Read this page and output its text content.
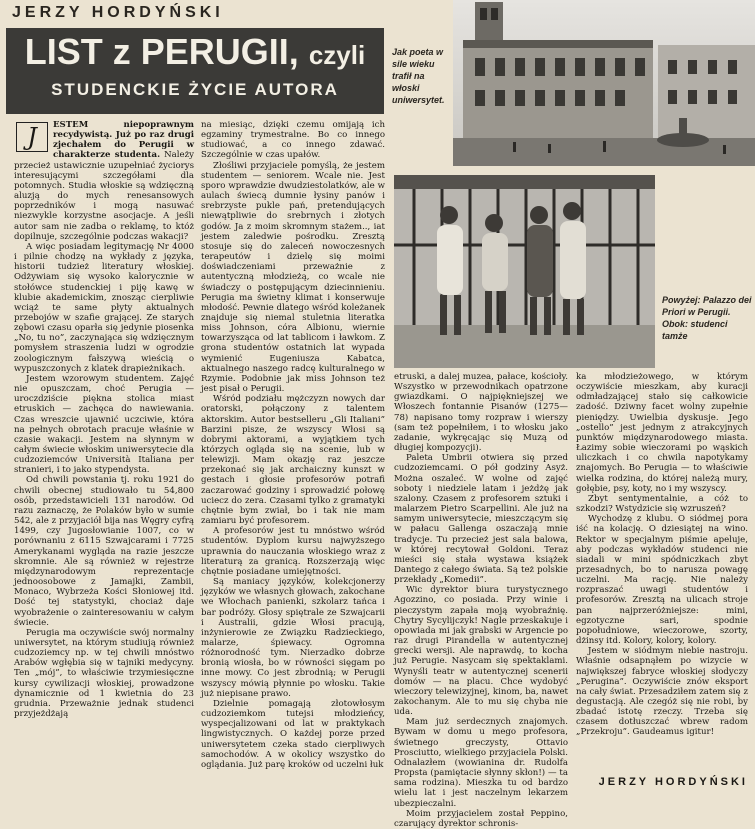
JERZY HORDYŃSKI
LIST z PERUGII, czyli
STUDENCKIE ŻYCIE AUTORA
Jak poeta w sile wieku trafił na włoski uniwersytet.
Powyżej: Palazzo dei Priori w Perugii. Obok: studenci tamże

J	ESTEM niepoprawnym recydywistą. Już po raz drugi zjechałem do Perugii w charakterze studenta. Należy przecież ustawicznie uzupełniać życiorys interesującymi szczegółami dla potomnych. Studia włoskie są wdzięczną aluzją do mych renesansowych poprzedników i mogą nasuwać niezwykle korzystne asocjacje. A jeśli autor sam nie zadba o reklamę, to któż dopilnuje, szczególnie podczas wakacji?

A więc posiadam legitymację Nr 4000 i pilnie chodzę na wykłady z języka, historii tudzież literatury włoskiej. Odżywiam się wysoko kalorycznie w stołówce studenckiej i piję kawę w klubie akademickim, znosząc cierpliwie wciąż te same płyty aktualnych przebojów w szafie grającej. Ze starych zębowi czasu oparła się jedynie piosenka „No, tu no”, zaczynająca się wdzięcznym pomysłem straszenia ludzi w ogrodzie zoologicznym fałszywą wieścią o wypuszczonych z klatek drapieżnikach.

Jestem wzorowym studentem. Zajęć nie opuszczam, choć Perugia — uroczdziście piękna stolica miast etruskich — zachęca do nawiewania. Czas wreszcie ujawnić uczciwie, która na pełnych obrotach pracuje właśnie w czasie wakacji. Jestem na słynnym w całym świecie włoskim uniwersytecie dla cudzoziemców Università Italiana per stranieri, i to jako stypendysta.

Od chwili powstania tj. roku 1921 do chwili obecnej studiowało tu 54,800 osób, przedstawicieli 131 narodów. Od razu zaznaczę, że Polaków było w sumie 542, ale z przyjaciół bija nas Węgry cyfrą 1499, czy Jugosłowianie 1007, co w porównaniu z 6115 Szwajcarami i 7725 Amerykanami wygląda na razie jeszcze skromnie. Ale są również w rejestrze międzynarodowym reprezentacje jednoosobowe z Jamajki, Zambii, Monaco, Wybrzeża Kości Słoniowej itd. Dość tej statystyki, chociaż daje wyobrażenie o zainteresowaniu w całym świecie.

Perugia ma oczywiście swój normalny uniwersytet, na którym studiują również cudzoziemcy np. w tej chwili mnóstwo Arabów wgłębia się w tajniki medycyny. Ten „mój”, to właściwie trzymiesięczne kursy cywilizacji włoskiej, prowadzone dynamicznie od 1 kwietnia do 23 grudnia. Przeważnie jednak studenci przyjeżdżają

na miesiąc, dzięki czemu omijają ich egzaminy trymestralne. Bo co innego studiować, a co innego zdawać. Szczególnie w czas upałów.

Złośliwi przyjaciele pomyślą, że jestem studentem — seniorem. Wcale nie. Jest sporo wprawdzie dwudziestolatków, ale w aulach świecą dumnie łysiny panów i srebrzyste pukle pań, pretendujących niewątpliwie do srebrnych i złotych godów. Ja z moim skromnym stażem.., iat jestem zaledwie pośrodku. Zresztą stosuje się do zaleceń nowoczesnych terapeutów i dzielę się moimi doświadczeniami przeważnie z autentyczną młodzieżą, co wcale nie świadczy o postępującym dziecinnieniu. Perugia ma świetny klimat i konserwuje młodość. Pewnie dlatego wśród koleżanek znajduje się niemal stuletnia literatka miss Johnson, córa Albionu, wiernie towarzysząca od lat tablicom i ławkom. Z grona studentów ostatnich lat wypada wymienić Eugeniusza Kabatca, aktualnego naszego radcę kulturalnego w Rzymie. Podobnie jak miss Johnson też jest pisał o Perugii.

Wśród podziału mężczyzn nowych dar oratorski, połączony z talentem aktorskim. Autor bestselleru „Gli Italiani” Barzini pisze, że wszyscy Włosi są dobrymi aktorami, a wyjątkiem tych którzych ogląda się na scenie, lub w telewizji. Mam okazję raz jeszcze przekonać się jak archaiczny kunszt w gestach i głosie profesorów potrafi zaczarować godziny i sprowadzić połowę uciecz do zera. Czasami tylko z gramatyki chętnie bym zwiał, bo i tak nie mam zamiaru być profesorem.

A profesorów jest tu mnóstwo wśród studentów. Dyplom kursu najwyższego uprawnia do nauczania włoskiego wraz z literaturą za granicą. Rozszerzają więc chętnie posiadane umiejętności.

Są maniacy języków, kolekcjonerzy języków we własnych głowach, zakochane we Włochach panienki, szkolarz tańca i bar podróży. Głosy spiętrale ze Szwajcarii i Australii, gdzie Włosi pracują, inżynierowie ze Związku Radzieckiego, malarze, śpiewacy. Ogromna różnorodność tym. Nierzadko dobrze bronią wiosła, bo w równości sięgam po inne mowy. Co jest zbrodnią; w Perugii wszyscy mówią płynnie po włosku. Takie już niepisane prawo.

Dzielnie pomagają złotowłosym cudzoziemkom tutejsi młodzieńcy, wyspecjalizowani od lat w praktykach lingwistycznych. O każdej porze przed uniwersytetem czeka stado cierpliwych samochodów. A w okolicy wszystko do oglądania. Już parę kroków od uczelni łuk

etruski, a dalej muzea, pałace, kościoły. Wszystko w przewodnikach opatrzone gwiazdkami. O najpiękniejszej we Włoszech fontannie Pisanów (1275—78) napisano tomy rozpraw i wierszy (sam też popełniłem, i to włosku jako zadanie, wykręcając się Muzą od długiej kompozycji).

Paleta Umbrii otwiera się przed cudzoziemcami. O pół godziny Asyż. Można oszaleć. W wolne od zajęć soboty i niedziele latam i jeżdżę jak szalony. Czasem z profesorem sztuki i malarzem Pietro Scarpellini. Ale już na samym uniwersytecie, mieszczącym się w pałacu Gallenga oszaczają mnie tradycje. Tu przecież jest sala balowa, w której recytował Goldoni. Teraz mieści się stała wystawa książek Dantego z całego świata. Są też polskie przekłady „Komedii”.

Wic dyrektor biura turystycznego Agozzino, co posiada. Przy winie i pieczystym zapała moją wyobraźnię. Chytry Sycylijczyk! Nagle przeskakuje i opowiada mi jak grabski w Argencie po raz drugi Pirandella w autentycznej grecki wersji. Ale naprawdę, to kocha już Perugie. Nasycam się spektaklami. Wynyśli teatr w autentycznej scenerii domów — na placu. Chce wydobyć wieczory telewizyjnej, kinom, ba, nawet zakochanym. Ale to mu się chyba nie uda.

Mam już serdecznych znajomych. Bywam w domu u mego profesora, świetnego greczysty, Ottavio Prosciutto, wielkiego przyjaciela Polski. Odnalazłem (wowianina dr. Rudolfa Propsta (pamiętacie słynny skłon!) — ta sama rodzina). Mieszka tu od bardzo wielu lat i jest naczelnym lekarzem ubezpieczalni.

Moim przyjacielem został Peppino, czarujący dyrektor schronis-

ka młodzieżowego, w którym oczywiście mieszkam, aby kuracji odmładzającej stało się całkowicie zadość. Dziwny facet wolny zupełnie pieniędzy. Uwielbia dyskusje. Jego „ostello” jest jednym z atrakcyjnych punktów międzynarodowego miasta. Łazimy sobie wieczorami po wąskich uliczkach i co chwila napotykamy znajomych. Bo Perugia — to właściwie wielka rodzina, do której należą mury, gołębie, psy, koty, no i my wszyscy.

Zbyt sentymentalnie, a cóż to szkodzi? Wstydzicie się wzruszeń?

Wychodzę z klubu. O siódmej pora iść na kolację. O dziesiątej na wino. Rektor w specjalnym piśmie apeluje, aby podczas wykładów studenci nie siadali w mini spódniczkach zbyt przesadnych, bo to narusza powagę uczelni. Ma rację. Nie należy rozpraszać uwagi studentów i profesorów. Zresztą na ulicach stroje pan najprzeróżniejsze: mini, egzotyczne sari, spodnie popołudniowe, wieczorowe, szorty, dżinsy itd. Kolory, kolory, kolory.

Jestem w siódmym niebie nastroju. Właśnie odsapnąłem po wizycie w największej fabryce włoskiej słodyczy „Perugina”. Oczywiście znów eksport na cały świat. Przesadziłem zatem się z degustacją. Ale czegóż się nie robi, by zbadać istotę rzeczy. Trzeba się czasem dotłuszczać wbrew radom „Przekroju”. Gaudeamus igitur!

JERZY HORDYŃSKI
